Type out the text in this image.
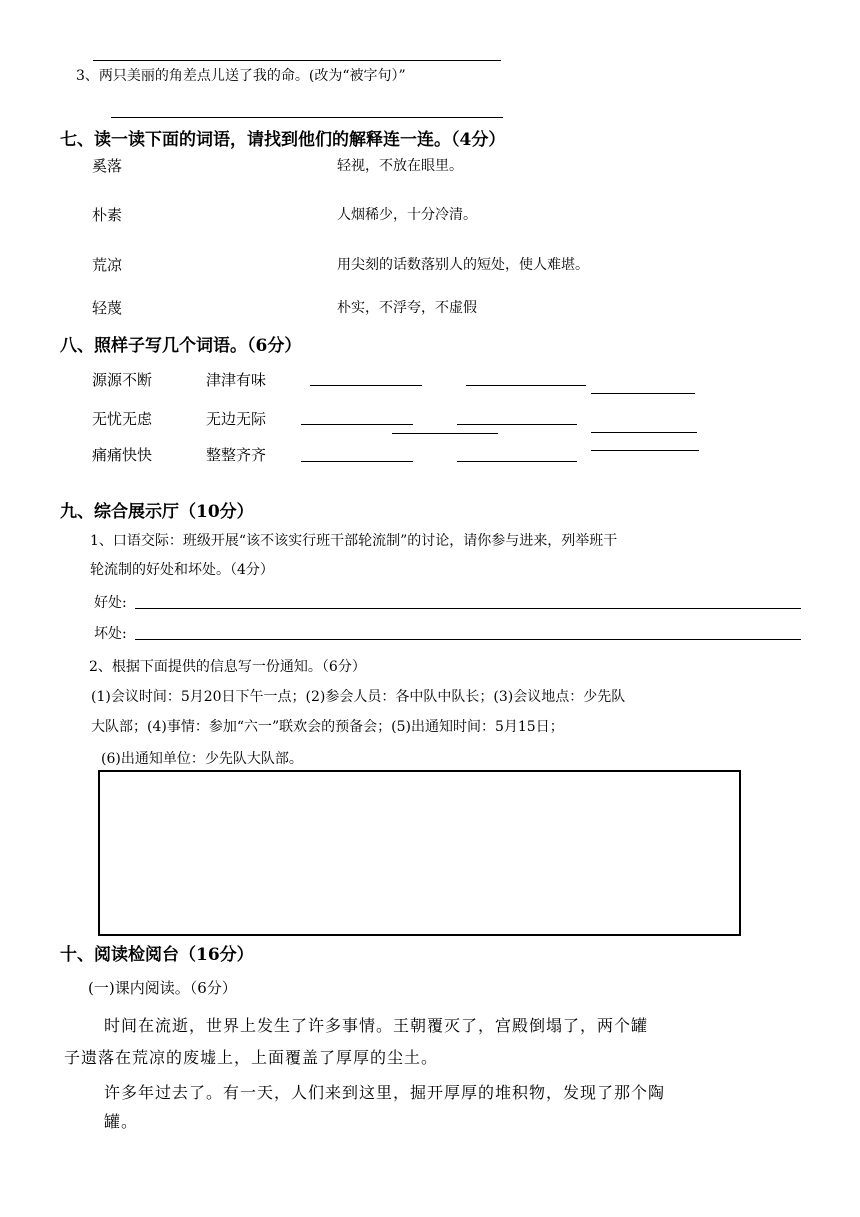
3、两只美丽的角差点儿送了我的命。(改为“被字句）”
七、读一读下面的词语，请找到他们的解释连一连。（4分）
奚落	轻视，不放在眼里。
朴素	人烟稀少，十分冷清。
荒凉	用尖刻的话数落别人的短处，使人难堪。
轻蔑	朴实，不浮夸，不虚假
八、照样子写几个词语。（6分）
源源不断	津津有味
无忧无虑	无边无际
痛痛快快	整整齐齐
九、综合展示厅（10分）
1、口语交际：班级开展“该不该实行班干部轮流制”的讨论，请你参与进来，列举班干
轮流制的好处和坏处。（4分）
好处:
坏处:
2、根据下面提供的信息写一份通知。（6分）
(1)会议时间：5月20日下午一点；(2)参会人员：各中队中队长；(3)会议地点：少先队
大队部；(4)事情：参加“六一”联欢会的预备会；(5)出通知时间：5月15日；
(6)出通知单位：少先队大队部。
十、阅读检阅台（16分）
(一)课内阅读。（6分）
时间在流逝，世界上发生了许多事情。王朝覆灭了，宫殿倒塌了，两个罐
子遗落在荒凉的废墟上，上面覆盖了厚厚的尘土。
许多年过去了。有一天，人们来到这里，掘开厚厚的堆积物，发现了那个陶
罐。
